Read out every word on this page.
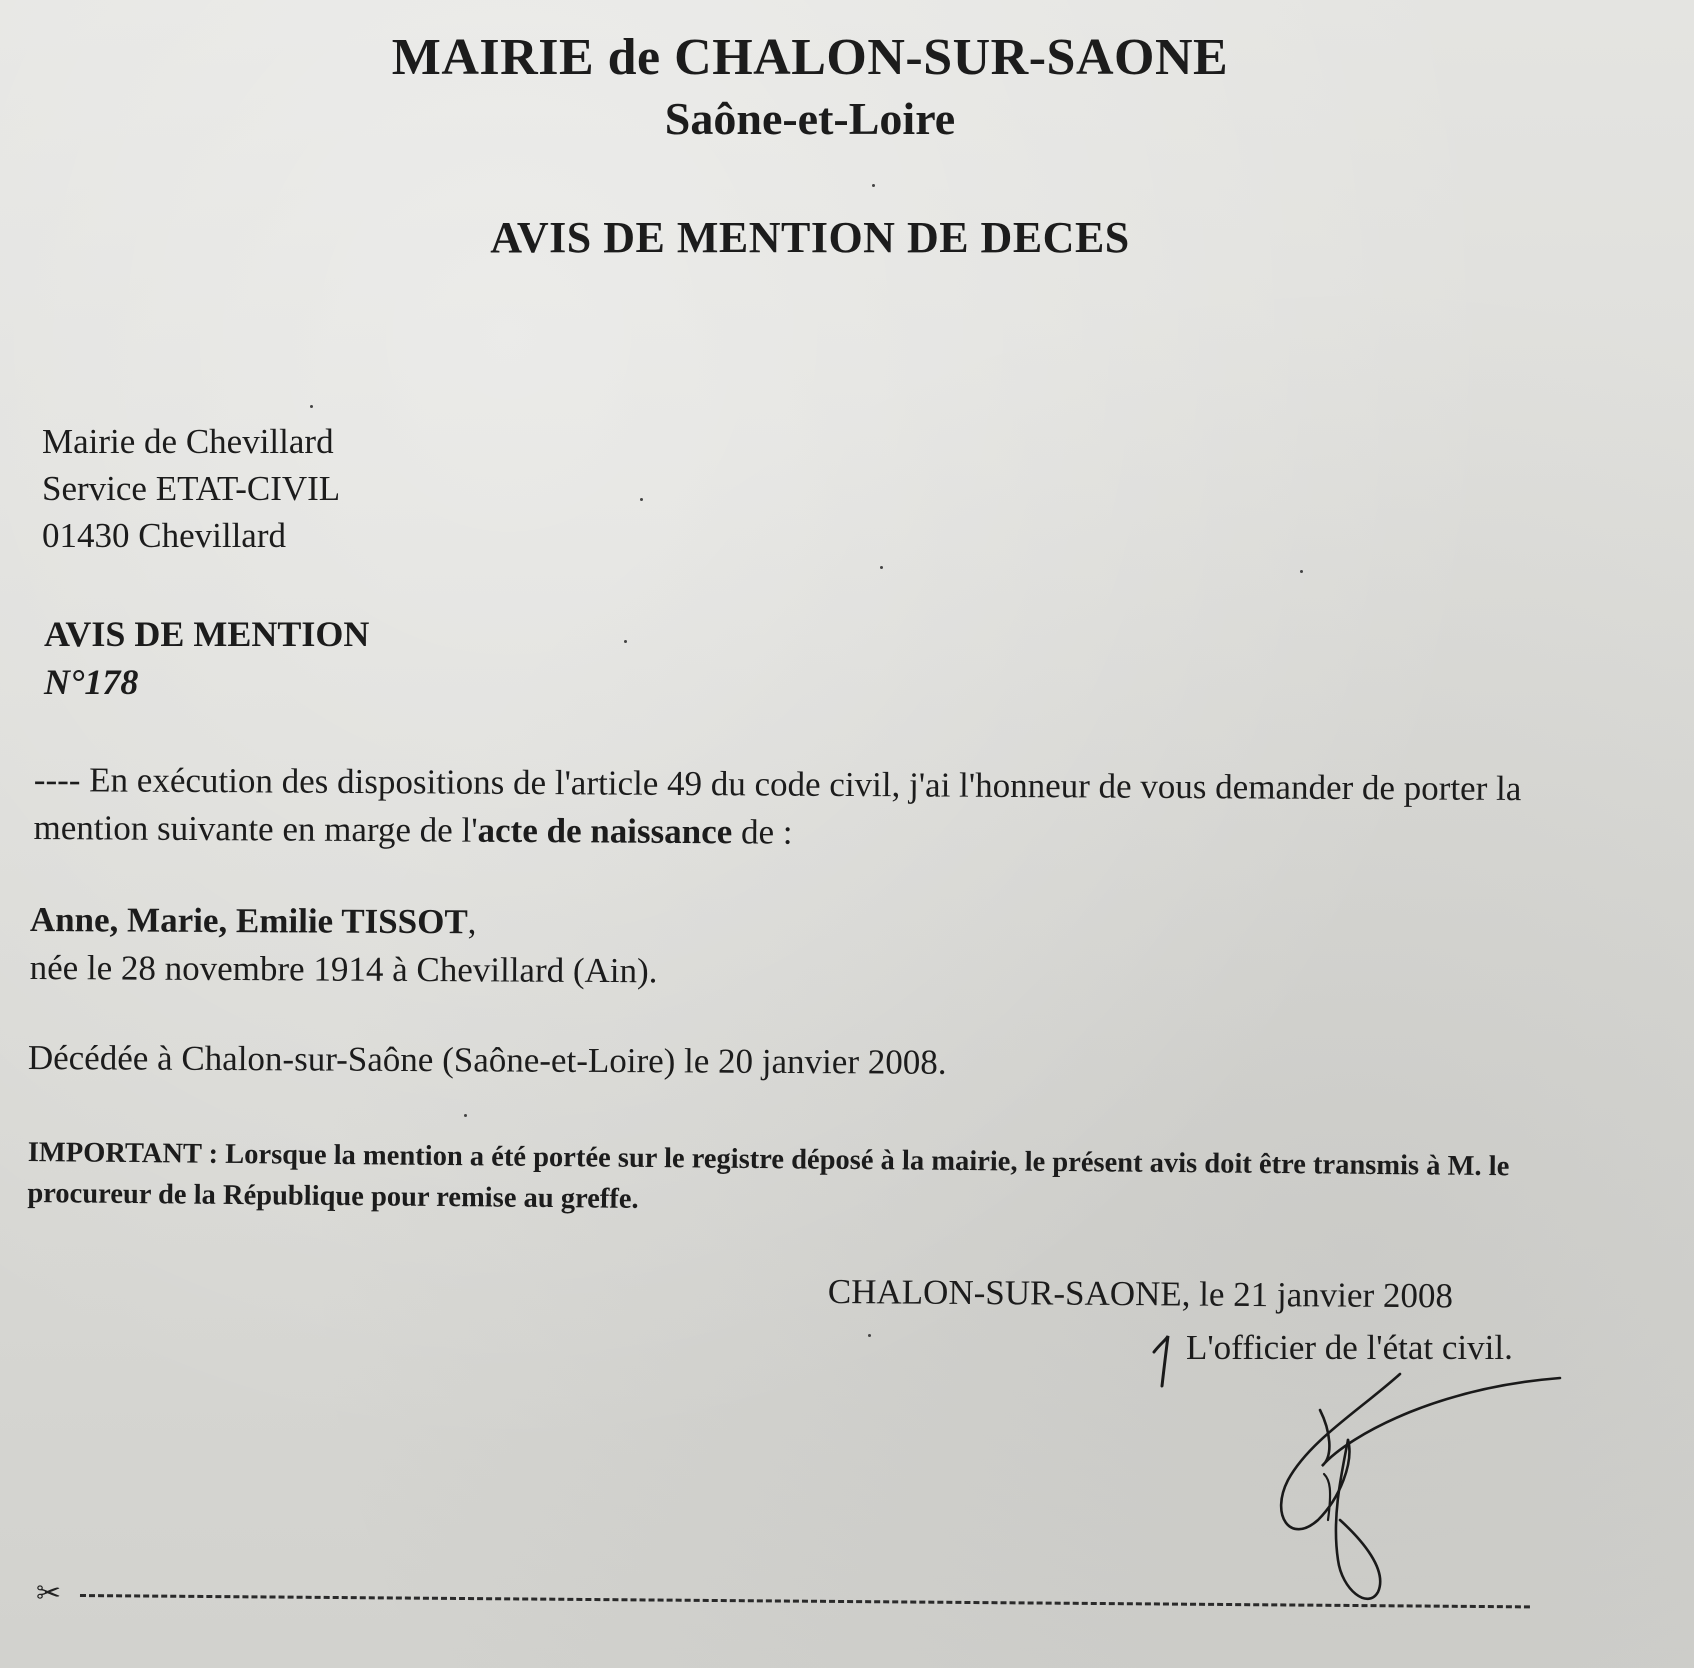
MAIRIE de CHALON-SUR-SAONE
Saône-et-Loire
AVIS DE MENTION DE DECES
Mairie de Chevillard
Service ETAT-CIVIL
01430 Chevillard
AVIS DE MENTION
N°178
---- En exécution des dispositions de l'article 49 du code civil, j'ai l'honneur de vous demander de porter la mention suivante en marge de l'acte de naissance de :
Anne, Marie, Emilie TISSOT,
née le 28 novembre 1914 à Chevillard (Ain).
Décédée à Chalon-sur-Saône (Saône-et-Loire) le 20 janvier 2008.
IMPORTANT : Lorsque la mention a été portée sur le registre déposé à la mairie, le présent avis doit être transmis à M. le procureur de la République pour remise au greffe.
CHALON-SUR-SAONE, le 21 janvier 2008
L'officier de l'état civil.
✂
